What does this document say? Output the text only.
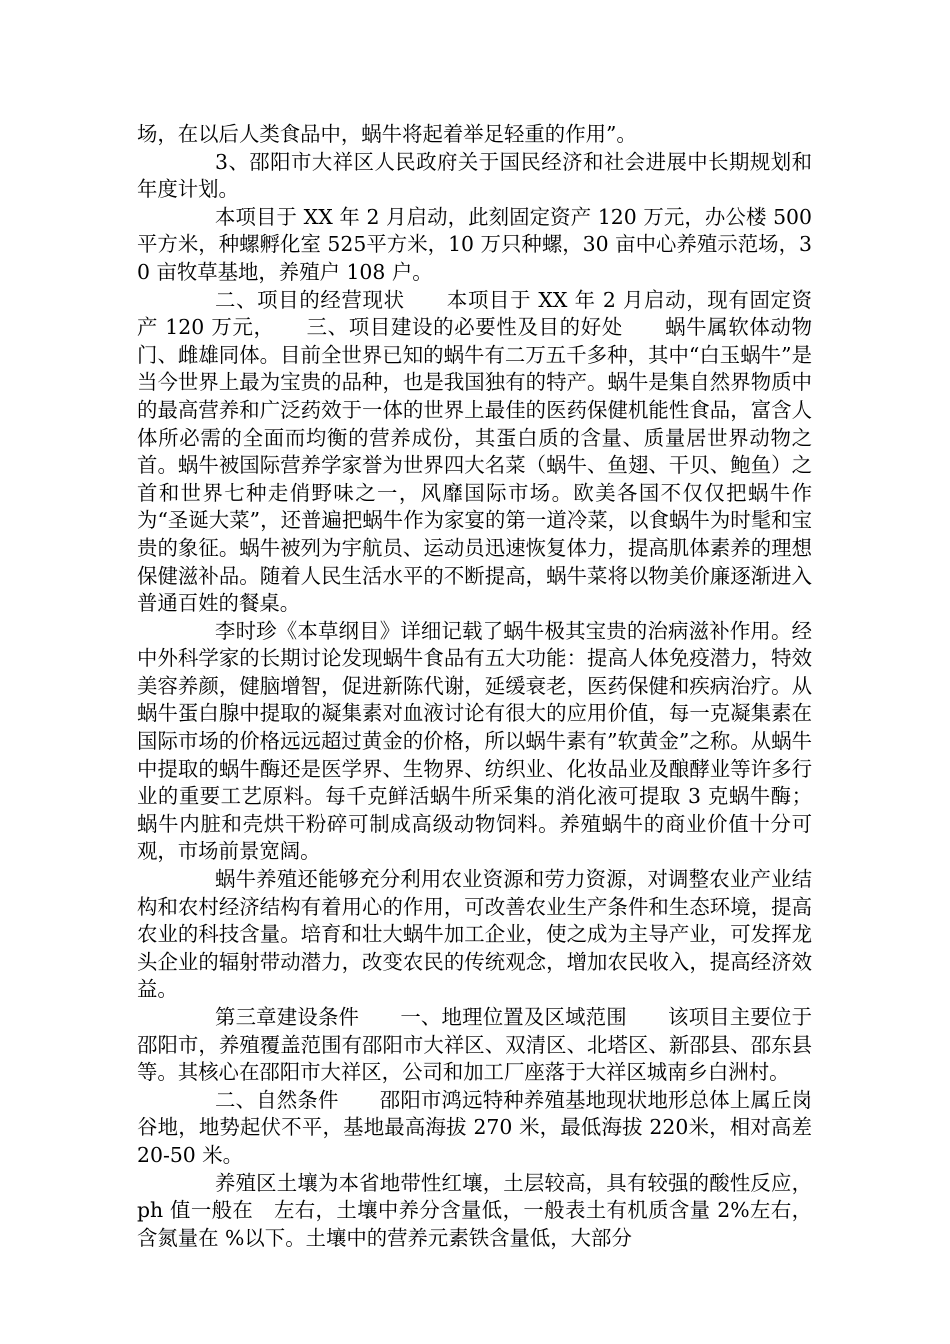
场，在以后人类食品中，蜗牛将起着举足轻重的作用”。

3、邵阳市大祥区人民政府关于国民经济和社会进展中长期规划和年度计划。

本项目于 XX 年 2 月启动，此刻固定资产 120 万元，办公楼 500 平方米，种螺孵化室 525平方米，10 万只种螺，30 亩中心养殖示范场，30 亩牧草基地，养殖户 108 户。

二、项目的经营现状　　本项目于 XX 年 2 月启动，现有固定资产 120 万元，　　三、项目建设的必要性及目的好处　　蜗牛属软体动物门、雌雄同体。目前全世界已知的蜗牛有二万五千多种，其中“白玉蜗牛”是当今世界上最为宝贵的品种，也是我国独有的特产。蜗牛是集自然界物质中的最高营养和广泛药效于一体的世界上最佳的医药保健机能性食品，富含人体所必需的全面而均衡的营养成份，其蛋白质的含量、质量居世界动物之首。蜗牛被国际营养学家誉为世界四大名菜（蜗牛、鱼翅、干贝、鲍鱼）之首和世界七种走俏野味之一，风靡国际市场。欧美各国不仅仅把蜗牛作为“圣诞大菜”，还普遍把蜗牛作为家宴的第一道冷菜，以食蜗牛为时髦和宝贵的象征。蜗牛被列为宇航员、运动员迅速恢复体力，提高肌体素养的理想保健滋补品。随着人民生活水平的不断提高，蜗牛菜将以物美价廉逐渐进入普通百姓的餐桌。

李时珍《本草纲目》详细记载了蜗牛极其宝贵的治病滋补作用。经中外科学家的长期讨论发现蜗牛食品有五大功能：提高人体免疫潜力，特效美容养颜，健脑增智，促进新陈代谢，延缓衰老，医药保健和疾病治疗。从蜗牛蛋白腺中提取的凝集素对血液讨论有很大的应用价值，每一克凝集素在国际市场的价格远远超过黄金的价格，所以蜗牛素有”软黄金”之称。从蜗牛中提取的蜗牛酶还是医学界、生物界、纺织业、化妆品业及酿酵业等许多行业的重要工艺原料。每千克鲜活蜗牛所采集的消化液可提取 3 克蜗牛酶；蜗牛内脏和壳烘干粉碎可制成高级动物饲料。养殖蜗牛的商业价值十分可观，市场前景宽阔。

蜗牛养殖还能够充分利用农业资源和劳力资源，对调整农业产业结构和农村经济结构有着用心的作用，可改善农业生产条件和生态环境，提高农业的科技含量。培育和壮大蜗牛加工企业，使之成为主导产业，可发挥龙头企业的辐射带动潜力，改变农民的传统观念，增加农民收入，提高经济效益。

第三章建设条件　　一、地理位置及区域范围　　该项目主要位于邵阳市，养殖覆盖范围有邵阳市大祥区、双清区、北塔区、新邵县、邵东县等。其核心在邵阳市大祥区，公司和加工厂座落于大祥区城南乡白洲村。

二、自然条件　　邵阳市鸿远特种养殖基地现状地形总体上属丘岗谷地，地势起伏不平，基地最高海拔 270 米，最低海拔 220米，相对高差 20-50 米。

养殖区土壤为本省地带性红壤，土层较高，具有较强的酸性反应，ph 值一般在　左右，土壤中养分含量低，一般表土有机质含量 2%左右，含氮量在 %以下。土壤中的营养元素铁含量低，大部分
